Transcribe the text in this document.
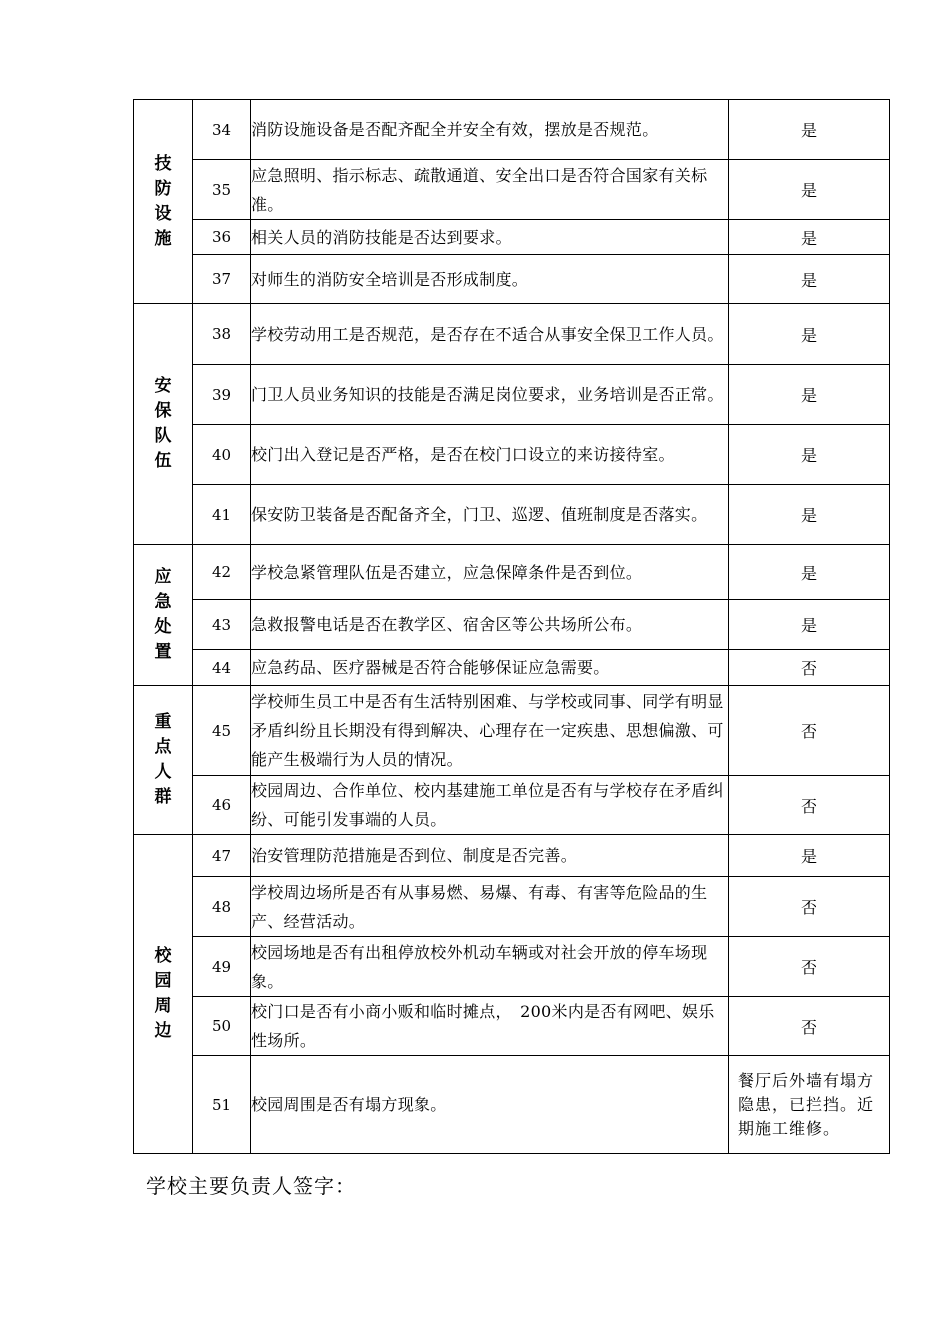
技防设施	34	消防设施设备是否配齐配全并安全有效，摆放是否规范。	是
	35	应急照明、指示标志、疏散通道、安全出口是否符合国家有关标准。	是
	36	相关人员的消防技能是否达到要求。	是
	37	对师生的消防安全培训是否形成制度。	是
安保队伍	38	学校劳动用工是否规范，是否存在不适合从事安全保卫工作人员。	是
	39	门卫人员业务知识的技能是否满足岗位要求，业务培训是否正常。	是
	40	校门出入登记是否严格，是否在校门口设立的来访接待室。	是
	41	保安防卫装备是否配备齐全，门卫、巡逻、值班制度是否落实。	是
应急处置	42	学校急紧管理队伍是否建立，应急保障条件是否到位。	是
	43	急救报警电话是否在教学区、宿舍区等公共场所公布。	是
	44	应急药品、医疗器械是否符合能够保证应急需要。	否
重点人群	45	学校师生员工中是否有生活特别困难、与学校或同事、同学有明显矛盾纠纷且长期没有得到解决、心理存在一定疾患、思想偏激、可能产生极端行为人员的情况。	否
	46	校园周边、合作单位、校内基建施工单位是否有与学校存在矛盾纠纷、可能引发事端的人员。	否
校园周边	47	治安管理防范措施是否到位、制度是否完善。	是
	48	学校周边场所是否有从事易燃、易爆、有毒、有害等危险品的生产、经营活动。	否
	49	校园场地是否有出租停放校外机动车辆或对社会开放的停车场现象。	否
	50	校门口是否有小商小贩和临时摊点，　200米内是否有网吧、娱乐性场所。	否
	51	校园周围是否有塌方现象。	餐厅后外墙有塌方隐患，已拦挡。近期施工维修。
学校主要负责人签字：
